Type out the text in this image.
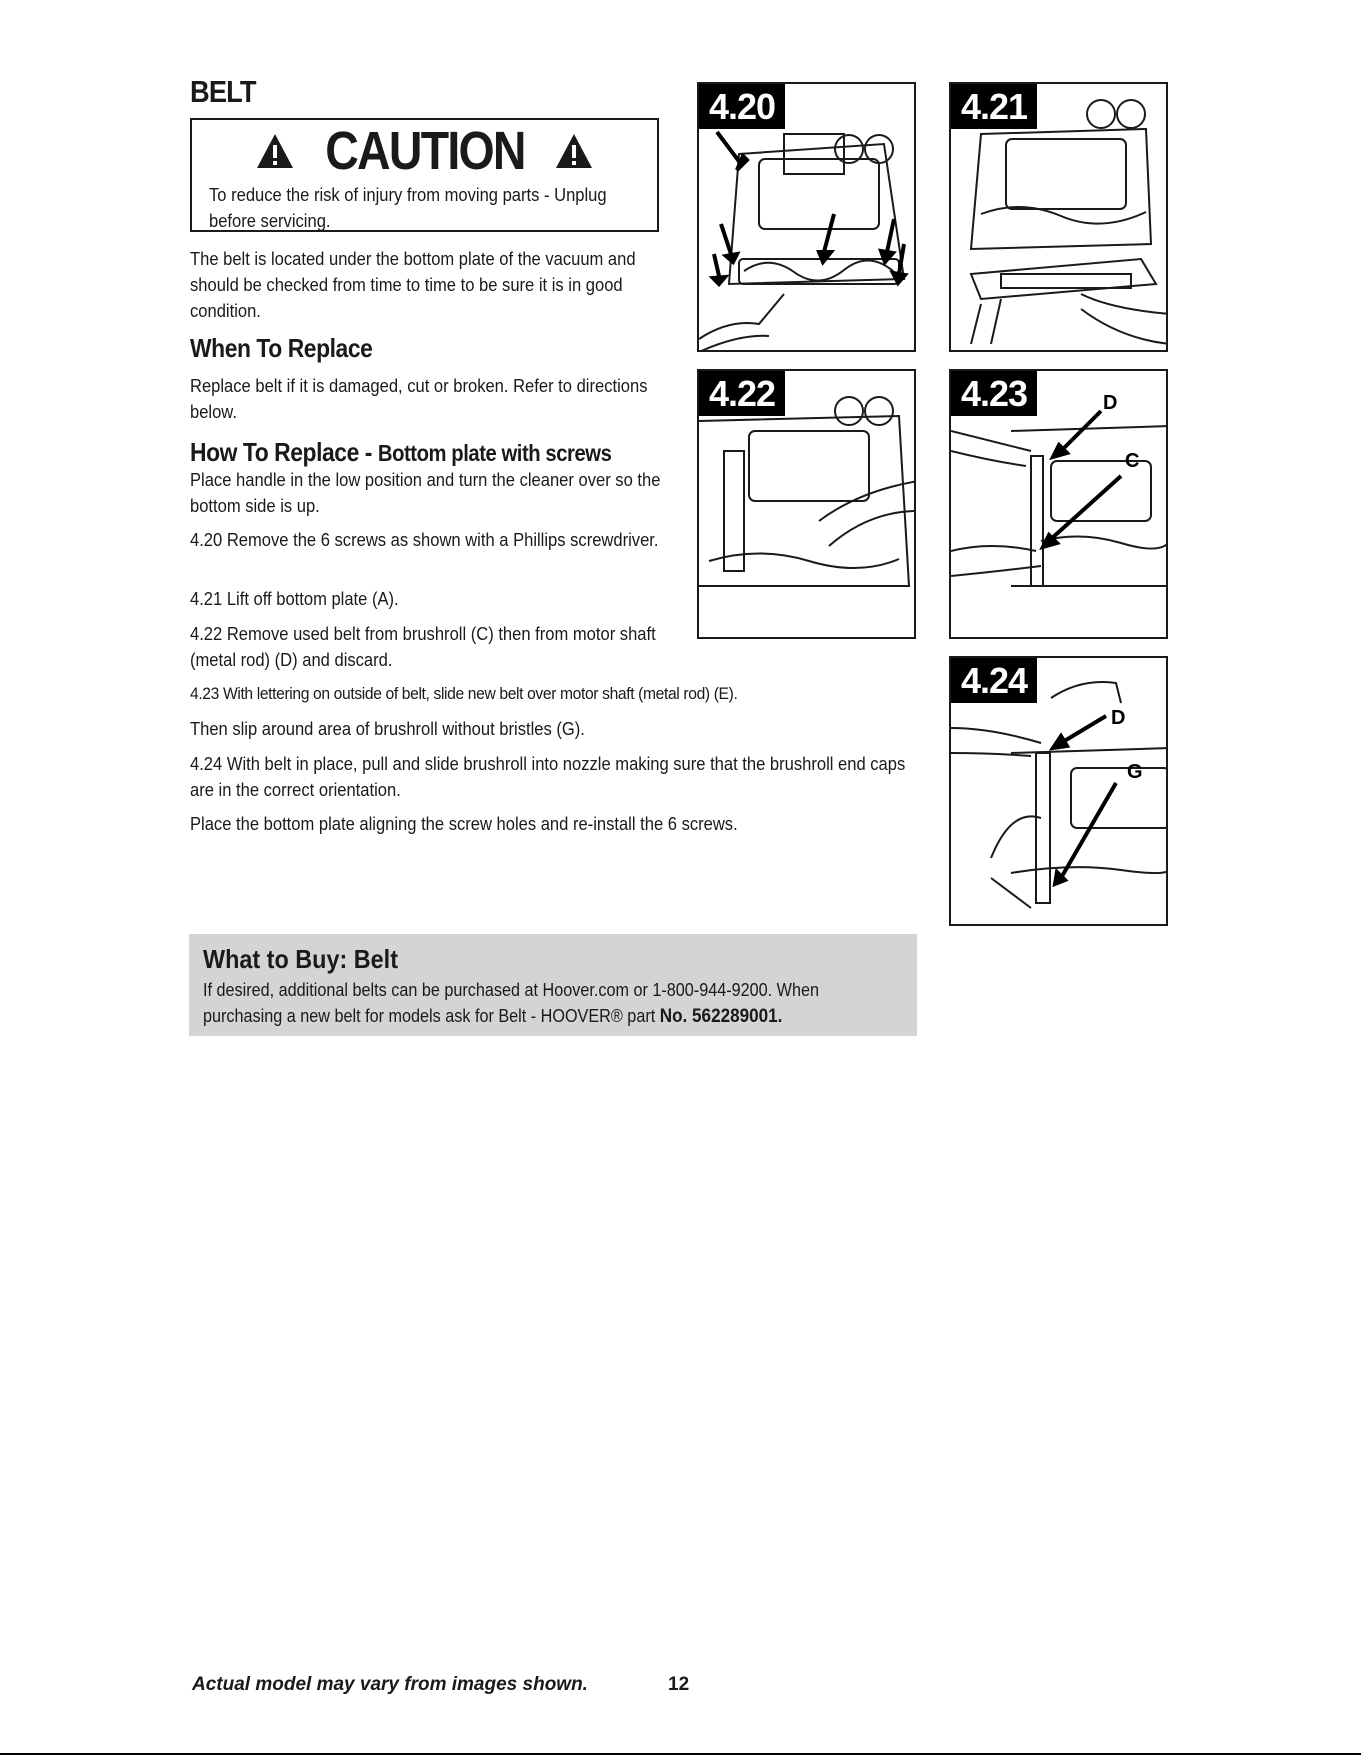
BELT
CAUTION
To reduce the risk of injury from moving parts - Unplug before servicing.

The belt is located under the bottom plate of the vacuum and should be checked from time to time to be sure it is in good condition.

When To Replace

Replace belt if it is damaged, cut or broken. Refer to directions below.

How To Replace - Bottom plate with screws

Place handle in the low position and turn the cleaner over so the bottom side is up.

4.20 Remove the 6 screws as shown with a Phillips screwdriver.

4.21 Lift off bottom plate (A).

4.22 Remove used belt from brushroll (C) then from motor shaft (metal rod) (D) and discard.

4.23 With lettering on outside of belt, slide new belt over motor shaft (metal rod) (E).

Then slip around area of brushroll without bristles (G).

4.24 With belt in place, pull and slide brushroll into nozzle making sure that the brushroll end caps are in the correct orientation.

Place the bottom plate aligning the screw holes and re-install the 6 screws.

4.20	4.21
4.22	4.23	D
C
4.24
D
G
What to Buy: Belt
If desired, additional belts can be purchased at Hoover.com or 1-800-944-9200. When purchasing a new belt for models ask for Belt - HOOVER® part No. 562289001.
Actual model may vary from images shown.	12
